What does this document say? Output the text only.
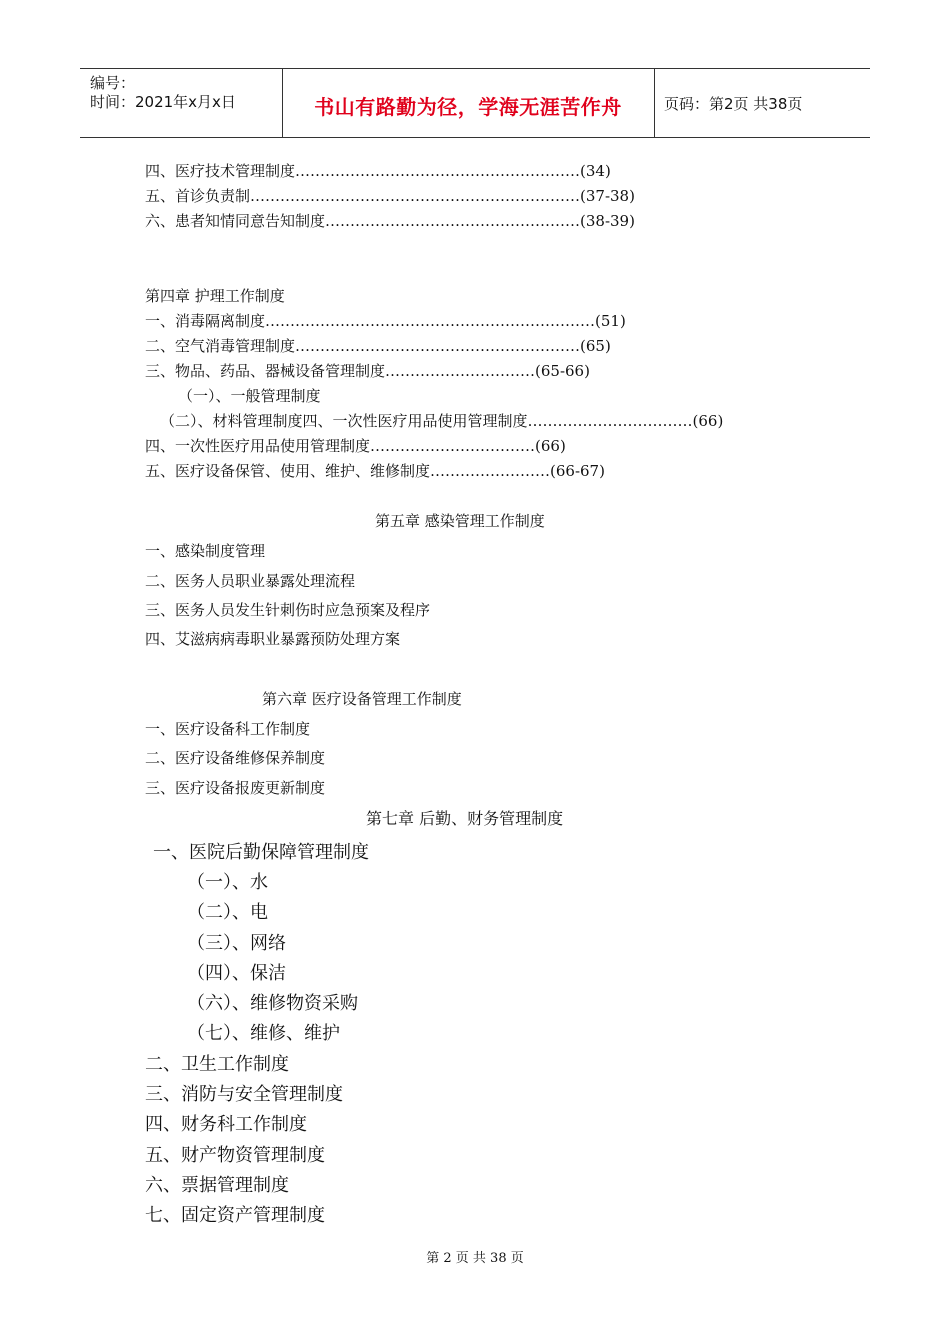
编号：
时间：2021年x月x日	书山有路勤为径，学海无涯苦作舟	页码：第2页 共38页
四、医疗技术管理制度…………………………………………………(34)
五、首诊负责制…………………………………………………………(37-38)
六、患者知情同意告知制度……………………………………………(38-39)
第四章 护理工作制度
一、消毒隔离制度…………………………………………………………(51)
二、空气消毒管理制度…………………………………………………(65)
三、物品、药品、器械设备管理制度…………………………(65-66)
（一）、一般管理制度
（二）、材料管理制度四、一次性医疗用品使用管理制度……………………………(66)
四、一次性医疗用品使用管理制度……………………………(66)
五、医疗设备保管、使用、维护、维修制度……………………(66-67)
第五章 感染管理工作制度
一、感染制度管理
二、医务人员职业暴露处理流程
三、医务人员发生针刺伤时应急预案及程序
四、艾滋病病毒职业暴露预防处理方案
第六章 医疗设备管理工作制度
一、医疗设备科工作制度
二、医疗设备维修保养制度
三、医疗设备报废更新制度
第七章 后勤、财务管理制度
一、医院后勤保障管理制度
（一）、水
（二）、电
（三）、网络
（四）、保洁
（六）、维修物资采购
（七）、维修、维护
二、卫生工作制度
三、消防与安全管理制度
四、财务科工作制度
五、财产物资管理制度
六、票据管理制度
七、固定资产管理制度
第 2 页 共 38 页
